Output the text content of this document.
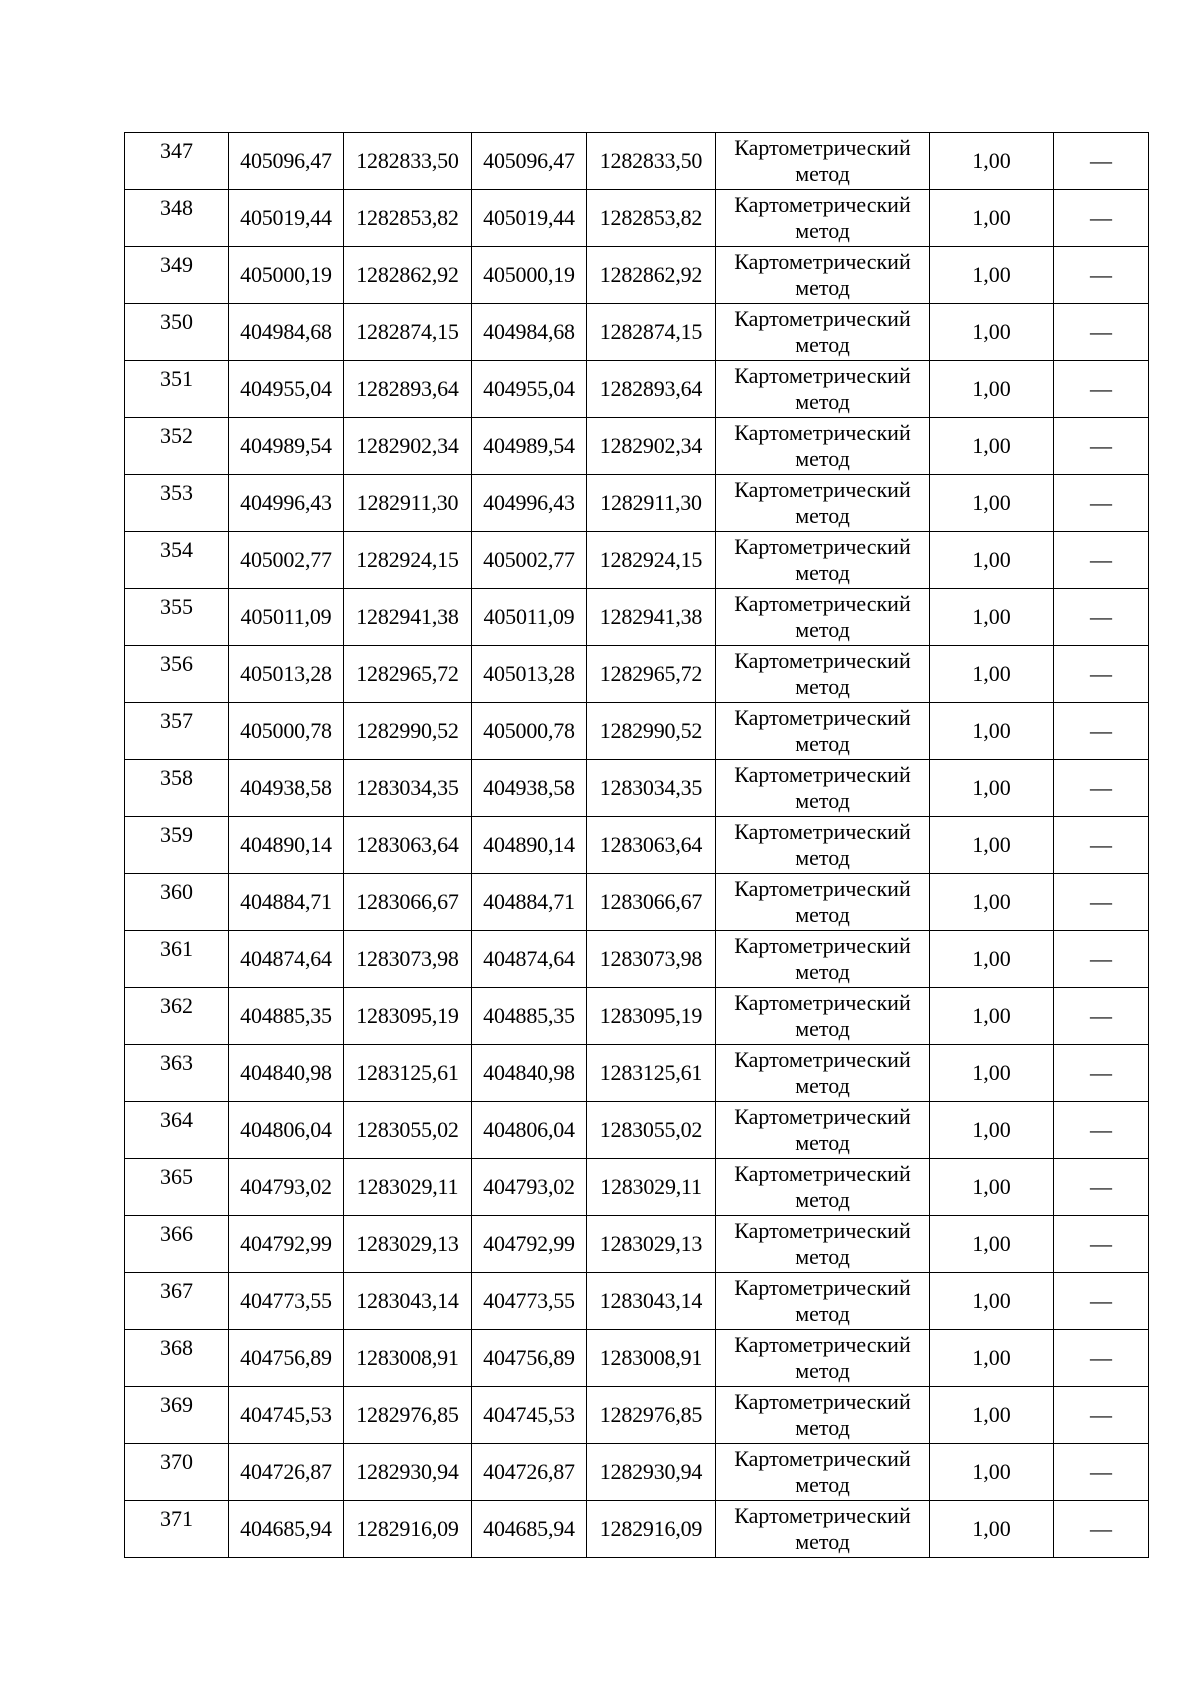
347	405096,47	1282833,50	405096,47	1282833,50	Картометрический метод	1,00	—
348	405019,44	1282853,82	405019,44	1282853,82	Картометрический метод	1,00	—
349	405000,19	1282862,92	405000,19	1282862,92	Картометрический метод	1,00	—
350	404984,68	1282874,15	404984,68	1282874,15	Картометрический метод	1,00	—
351	404955,04	1282893,64	404955,04	1282893,64	Картометрический метод	1,00	—
352	404989,54	1282902,34	404989,54	1282902,34	Картометрический метод	1,00	—
353	404996,43	1282911,30	404996,43	1282911,30	Картометрический метод	1,00	—
354	405002,77	1282924,15	405002,77	1282924,15	Картометрический метод	1,00	—
355	405011,09	1282941,38	405011,09	1282941,38	Картометрический метод	1,00	—
356	405013,28	1282965,72	405013,28	1282965,72	Картометрический метод	1,00	—
357	405000,78	1282990,52	405000,78	1282990,52	Картометрический метод	1,00	—
358	404938,58	1283034,35	404938,58	1283034,35	Картометрический метод	1,00	—
359	404890,14	1283063,64	404890,14	1283063,64	Картометрический метод	1,00	—
360	404884,71	1283066,67	404884,71	1283066,67	Картометрический метод	1,00	—
361	404874,64	1283073,98	404874,64	1283073,98	Картометрический метод	1,00	—
362	404885,35	1283095,19	404885,35	1283095,19	Картометрический метод	1,00	—
363	404840,98	1283125,61	404840,98	1283125,61	Картометрический метод	1,00	—
364	404806,04	1283055,02	404806,04	1283055,02	Картометрический метод	1,00	—
365	404793,02	1283029,11	404793,02	1283029,11	Картометрический метод	1,00	—
366	404792,99	1283029,13	404792,99	1283029,13	Картометрический метод	1,00	—
367	404773,55	1283043,14	404773,55	1283043,14	Картометрический метод	1,00	—
368	404756,89	1283008,91	404756,89	1283008,91	Картометрический метод	1,00	—
369	404745,53	1282976,85	404745,53	1282976,85	Картометрический метод	1,00	—
370	404726,87	1282930,94	404726,87	1282930,94	Картометрический метод	1,00	—
371	404685,94	1282916,09	404685,94	1282916,09	Картометрический метод	1,00	—
